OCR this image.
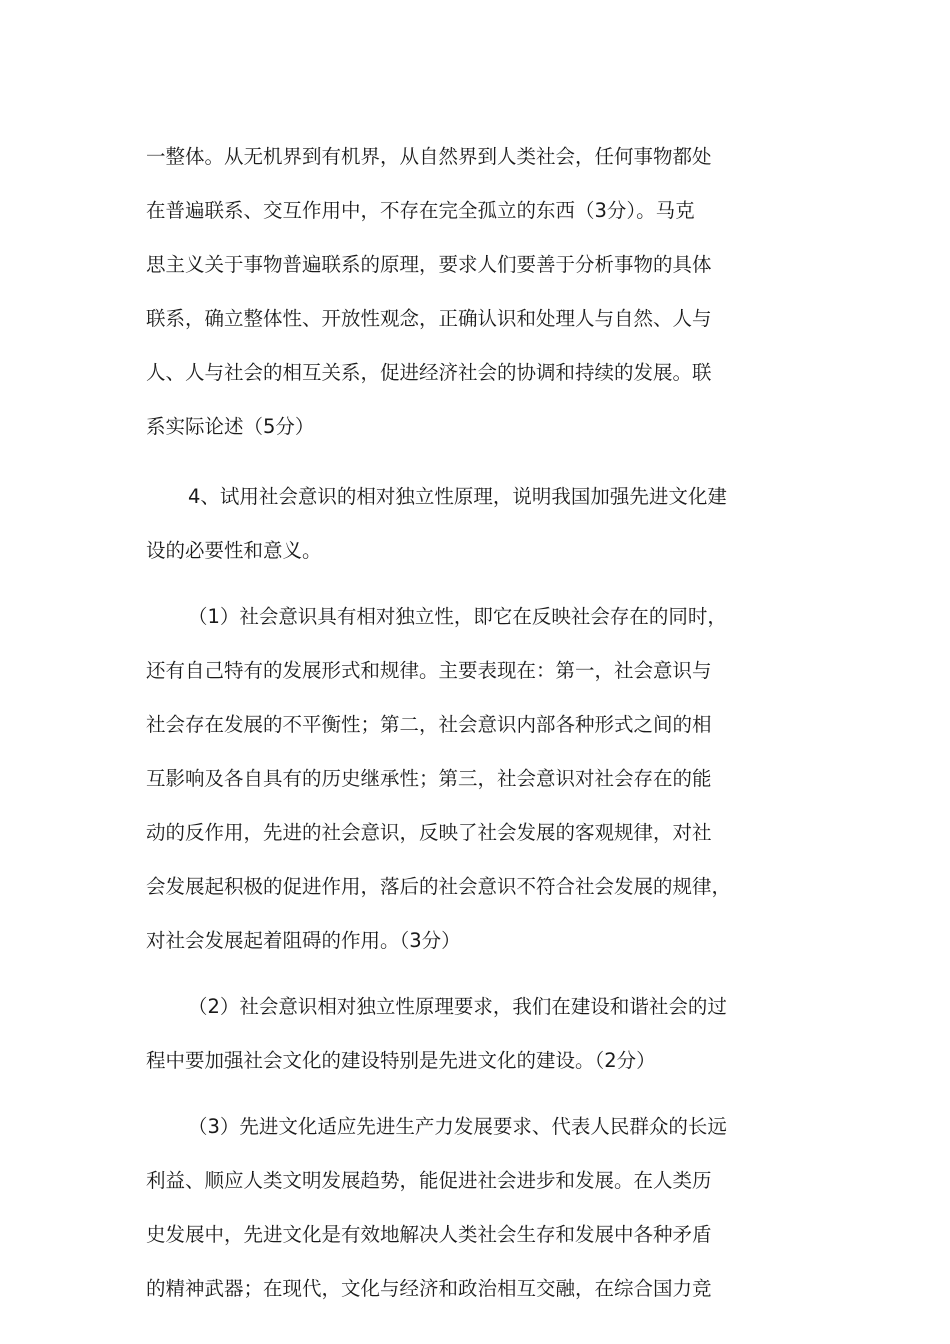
一整体。从无机界到有机界，从自然界到人类社会，任何事物都处
在普遍联系、交互作用中，不存在完全孤立的东西（3分）。马克
思主义关于事物普遍联系的原理，要求人们要善于分析事物的具体
联系，确立整体性、开放性观念，正确认识和处理人与自然、人与
人、人与社会的相互关系，促进经济社会的协调和持续的发展。联
系实际论述（5分）
4、试用社会意识的相对独立性原理，说明我国加强先进文化建
设的必要性和意义。
（1）社会意识具有相对独立性，即它在反映社会存在的同时，
还有自己特有的发展形式和规律。主要表现在：第一，社会意识与
社会存在发展的不平衡性；第二，社会意识内部各种形式之间的相
互影响及各自具有的历史继承性；第三，社会意识对社会存在的能
动的反作用，先进的社会意识，反映了社会发展的客观规律，对社
会发展起积极的促进作用，落后的社会意识不符合社会发展的规律，
对社会发展起着阻碍的作用。（3分）
（2）社会意识相对独立性原理要求，我们在建设和谐社会的过
程中要加强社会文化的建设特别是先进文化的建设。（2分）
（3）先进文化适应先进生产力发展要求、代表人民群众的长远
利益、顺应人类文明发展趋势，能促进社会进步和发展。在人类历
史发展中，先进文化是有效地解决人类社会生存和发展中各种矛盾
的精神武器；在现代，文化与经济和政治相互交融，在综合国力竞
